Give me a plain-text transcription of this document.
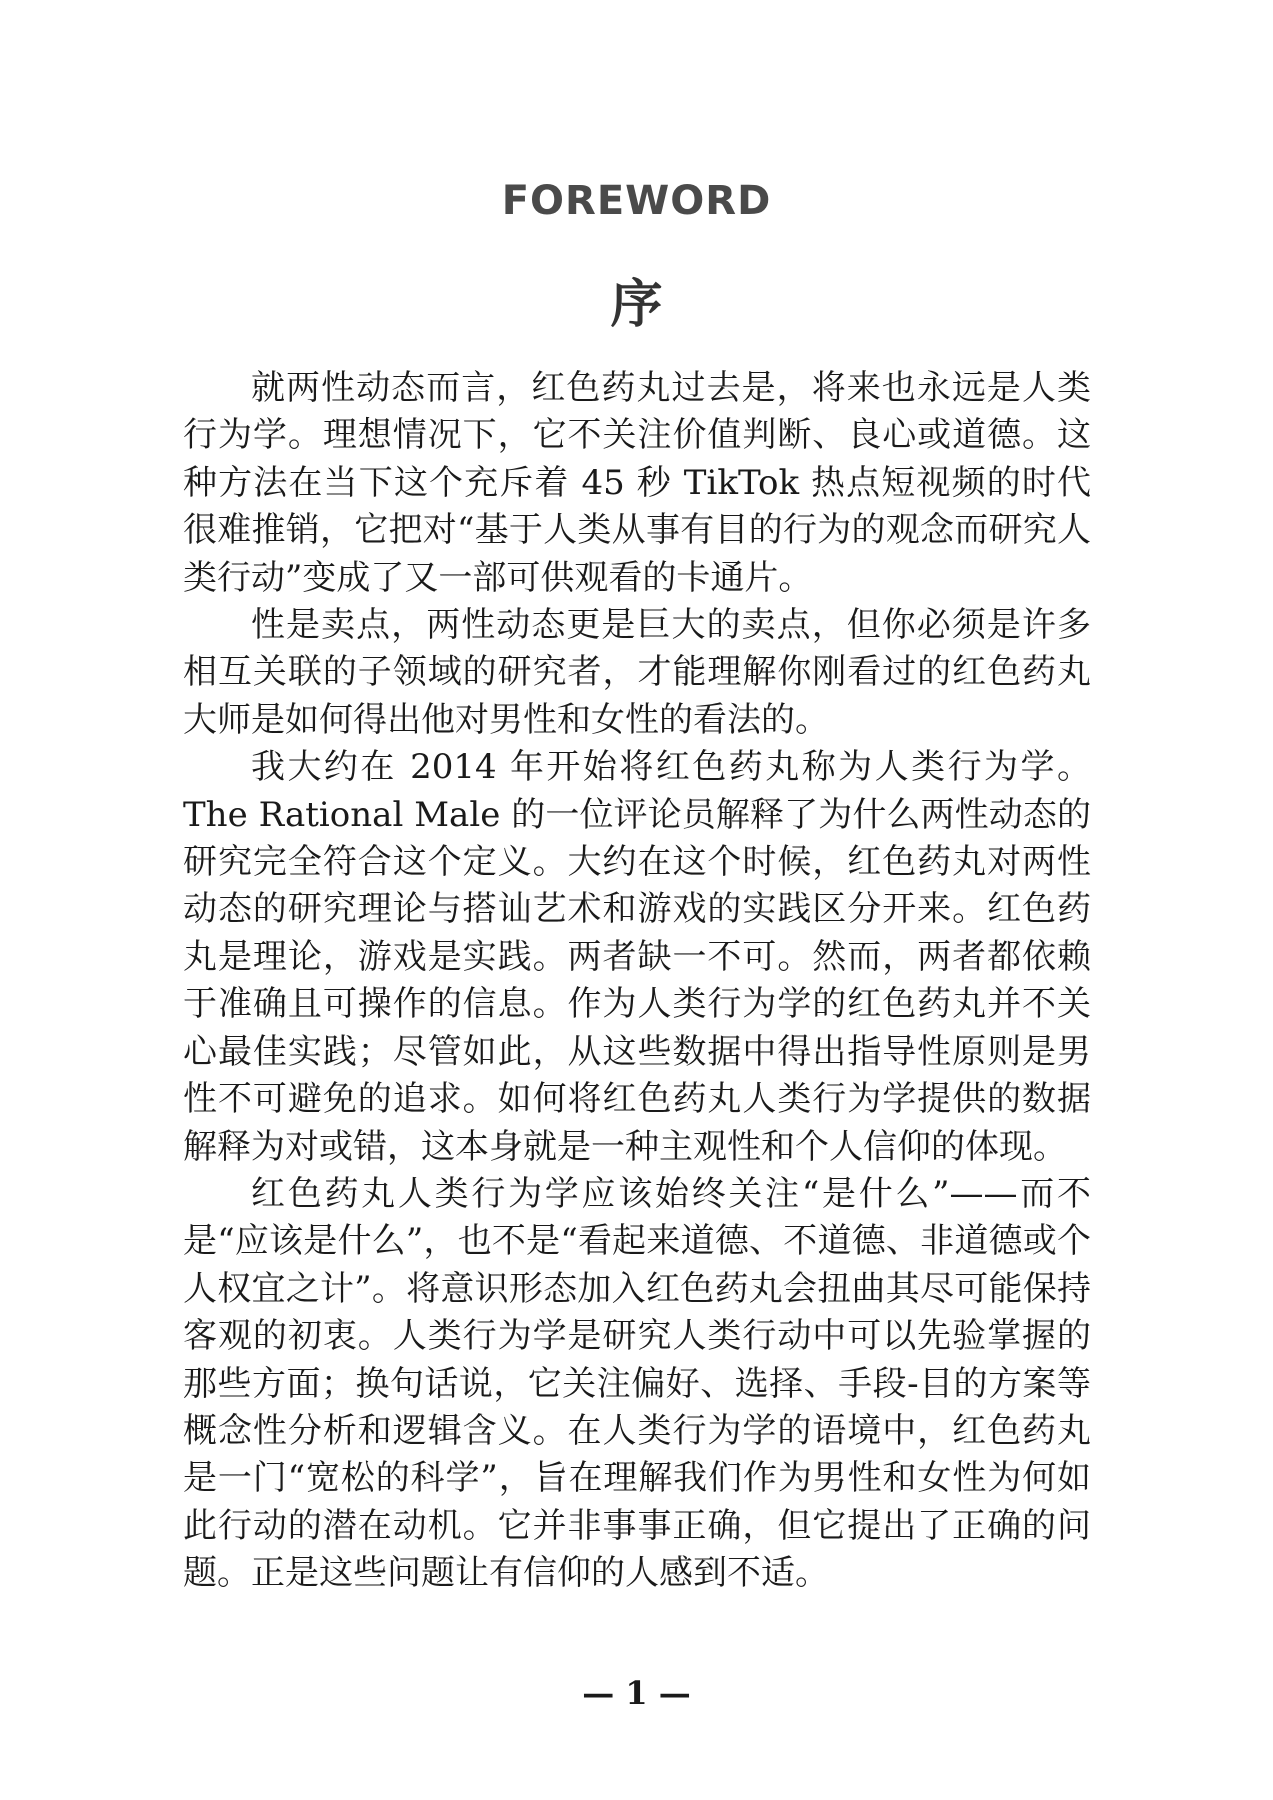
FOREWORD
序

就两性动态而言，红色药丸过去是，将来也永远是人类行为学。理想情况下，它不关注价值判断、良心或道德。这种方法在当下这个充斥着 45 秒 TikTok 热点短视频的时代很难推销，它把对“基于人类从事有目的行为的观念而研究人类行动”变成了又一部可供观看的卡通片。

性是卖点，两性动态更是巨大的卖点，但你必须是许多相互关联的子领域的研究者，才能理解你刚看过的红色药丸大师是如何得出他对男性和女性的看法的。

我大约在 2014 年开始将红色药丸称为人类行为学。The Rational Male 的一位评论员解释了为什么两性动态的研究完全符合这个定义。大约在这个时候，红色药丸对两性动态的研究理论与搭讪艺术和游戏的实践区分开来。红色药丸是理论，游戏是实践。两者缺一不可。然而，两者都依赖于准确且可操作的信息。作为人类行为学的红色药丸并不关心最佳实践；尽管如此，从这些数据中得出指导性原则是男性不可避免的追求。如何将红色药丸人类行为学提供的数据解释为对或错，这本身就是一种主观性和个人信仰的体现。

红色药丸人类行为学应该始终关注“是什么”——而不是“应该是什么”，也不是“看起来道德、不道德、非道德或个人权宜之计”。将意识形态加入红色药丸会扭曲其尽可能保持客观的初衷。人类行为学是研究人类行动中可以先验掌握的那些方面；换句话说，它关注偏好、选择、手段-目的方案等概念性分析和逻辑含义。在人类行为学的语境中，红色药丸是一门“宽松的科学”，旨在理解我们作为男性和女性为何如此行动的潜在动机。它并非事事正确，但它提出了正确的问题。正是这些问题让有信仰的人感到不适。

— 1 —
